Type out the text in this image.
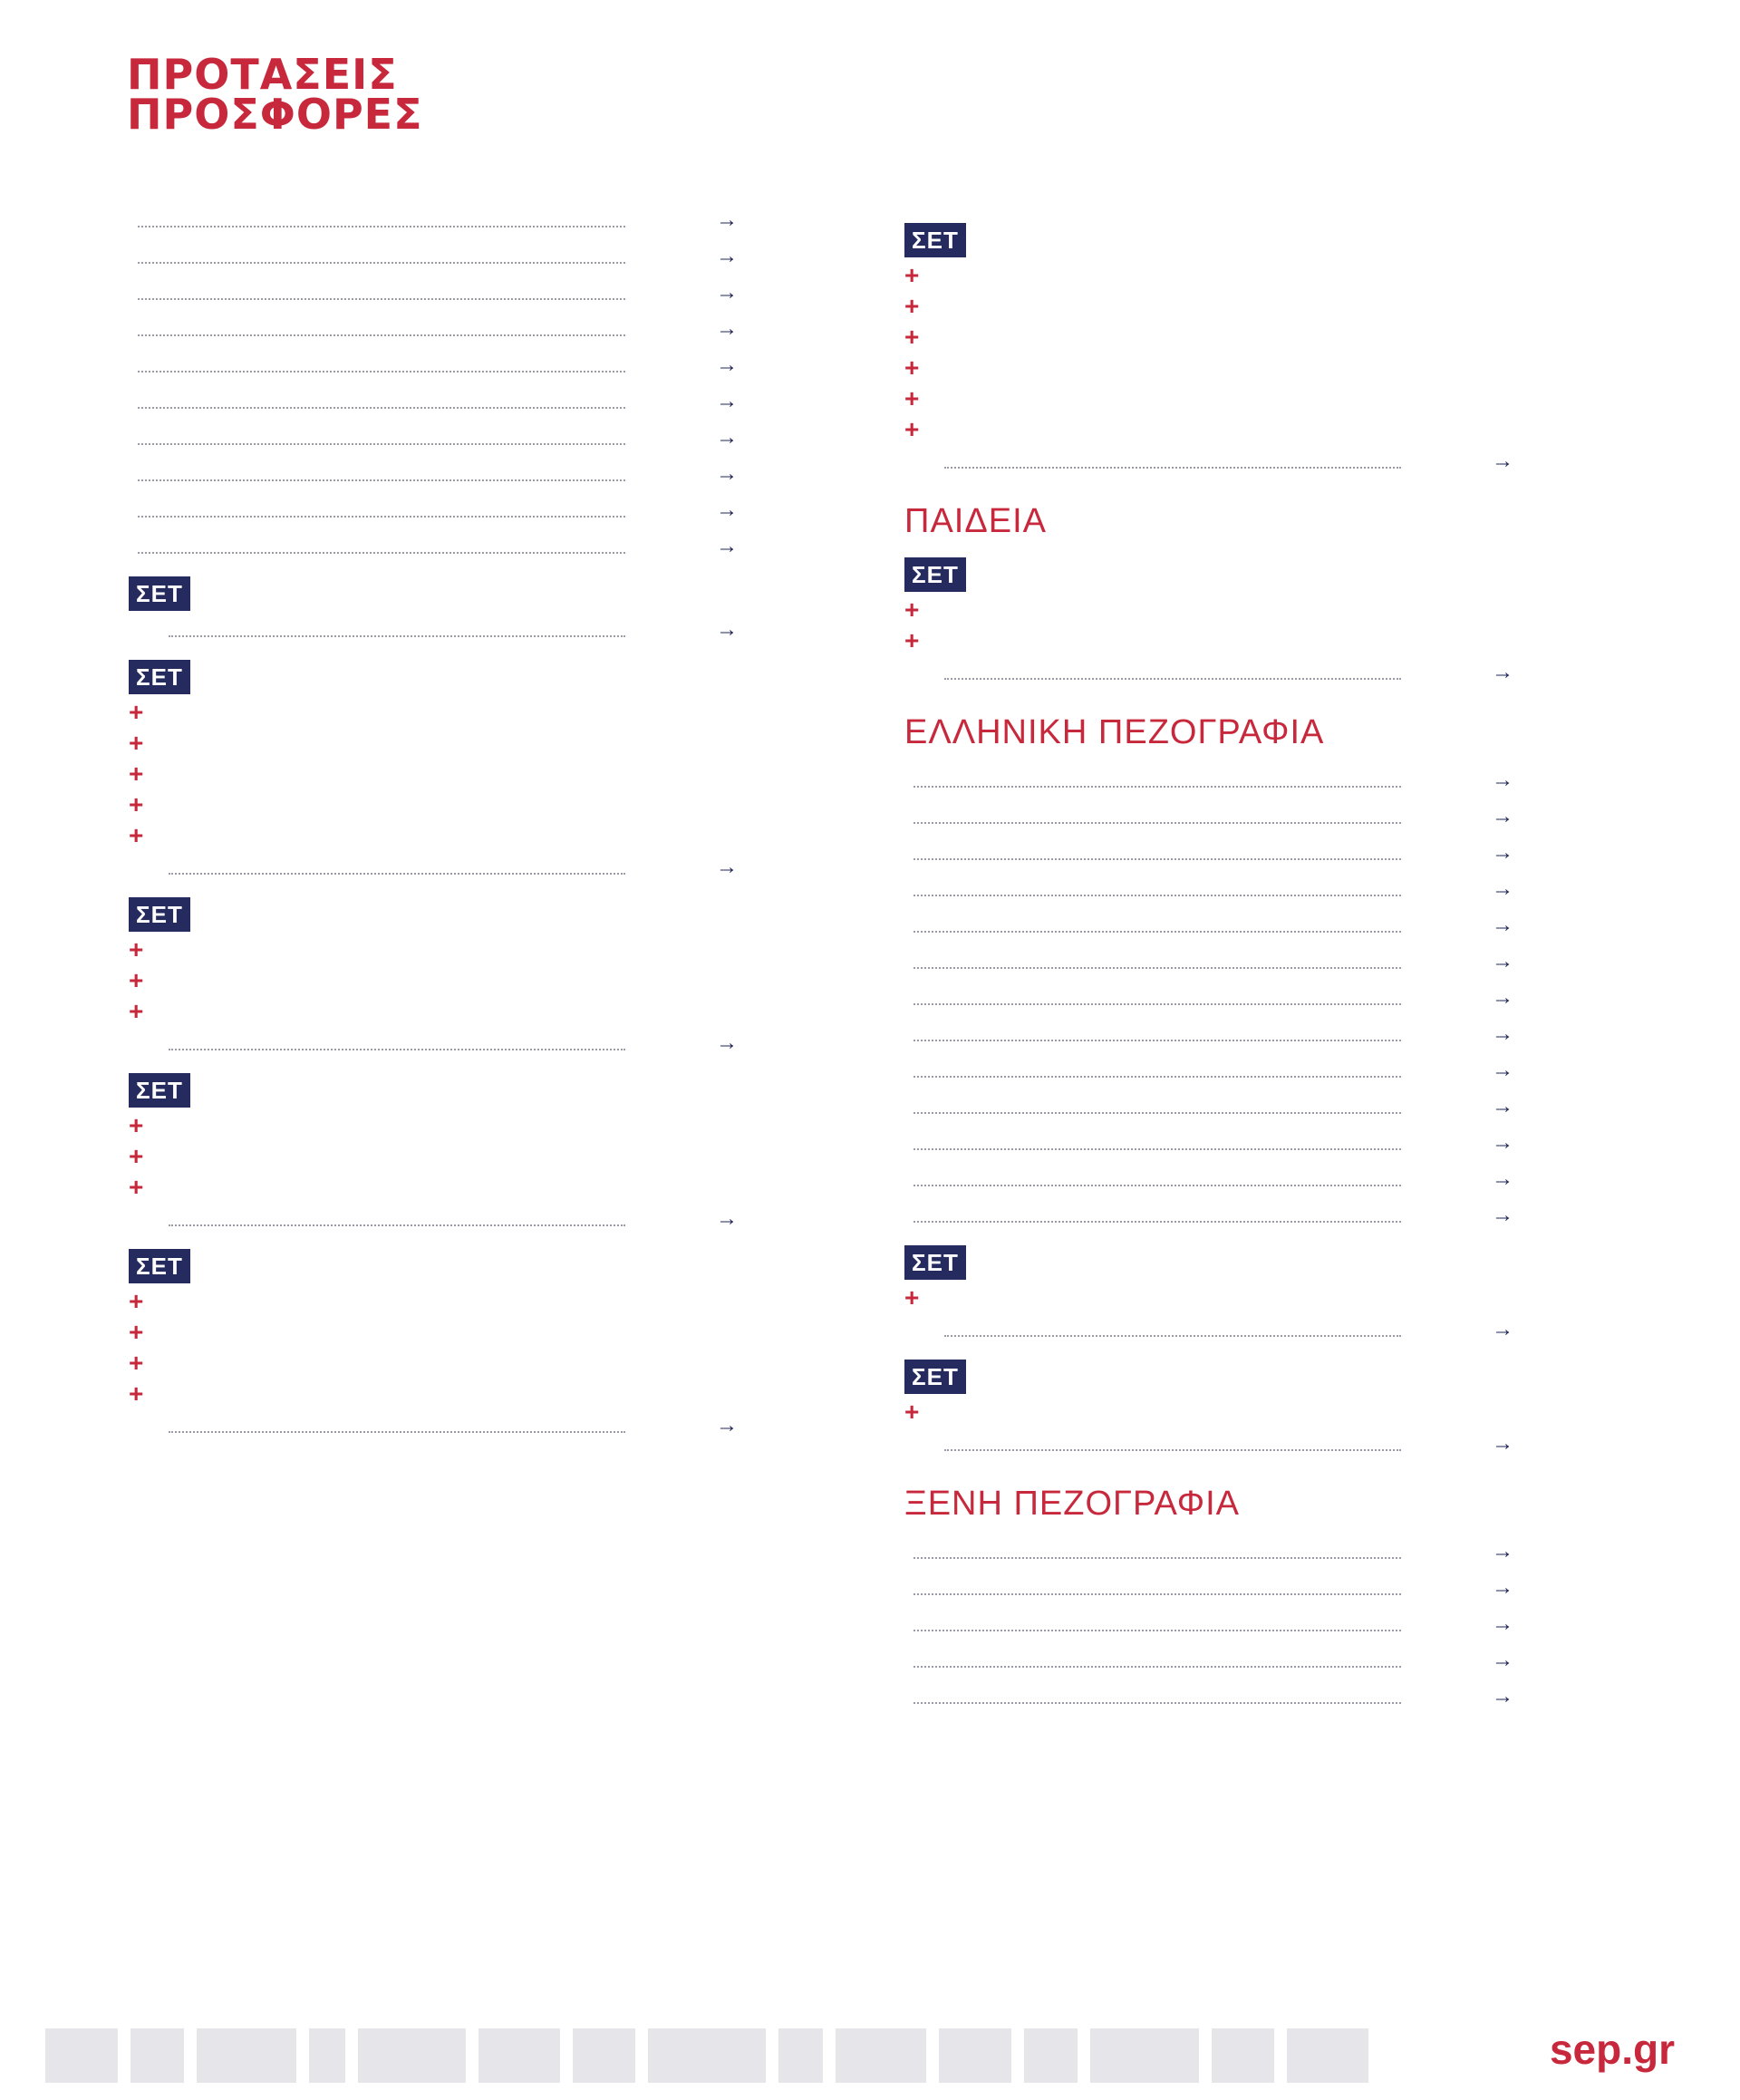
ΠΡΟΤΑΣΕΙΣ
ΠΡΟΣΦΟΡΕΣ
→
→
→
→
→
→
→
→
→
→
ΣΕΤ
→
ΣΕΤ
+
+
+
+
+
→
ΣΕΤ
+
+
+
→
ΣΕΤ
+
+
+
→
ΣΕΤ
+
+
+
+
→
ΣΕΤ
+
+
+
+
+
+
→
ΠΑΙΔΕΙΑ
ΣΕΤ
+
+
→
ΕΛΛΗΝΙΚΗ ΠΕΖΟΓΡΑΦΙΑ
→
→
→
→
→
→
→
→
→
→
→
→
→
ΣΕΤ
+
→
ΣΕΤ
+
→
ΞΕΝΗ ΠΕΖΟΓΡΑΦΙΑ
→
→
→
→
→
sep.gr
